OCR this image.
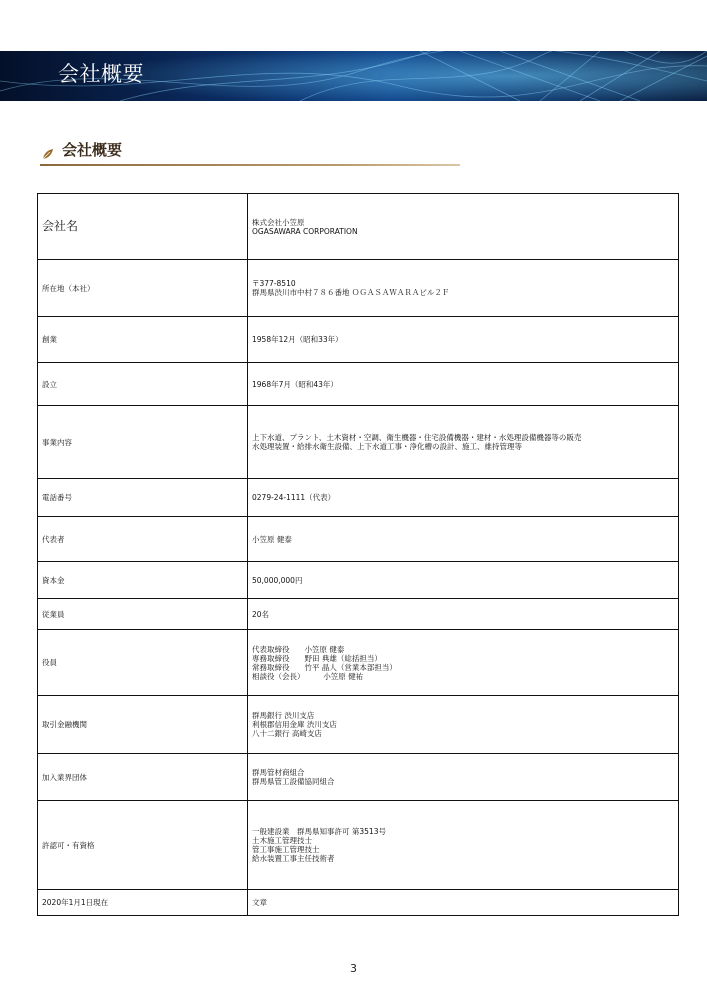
会社概要
会社概要
会社名	株式会社小笠原
OGASAWARA CORPORATION

所在地（本社）	〒377-8510
群馬県渋川市中村７８６番地 ＯＧＡＳＡＷＡＲＡビル２Ｆ

創業	1958年12月（昭和33年）

設立	1968年7月（昭和43年）

事業内容	上下水道、プラント、土木資材・空調、衛生機器・住宅設備機器・建材・水処理設備機器等の販売
水処理装置・給排水衛生設備、上下水道工事・浄化槽の設計、施工、維持管理等

電話番号	0279-24-1111（代表）

代表者	小笠原 健泰

資本金	50,000,000円

従業員	20名

役員	代表取締役　　小笠原 健泰
専務取締役　　野田 典雄（総括担当）
常務取締役　　竹平 晶人（営業本部担当）
相談役（会長）　　　小笠原 健祐

取引金融機関	群馬銀行 渋川支店
利根郡信用金庫 渋川支店
八十二銀行 高崎支店

加入業界団体	群馬管材商組合
群馬県管工設備協同組合

許認可・有資格	一般建設業　群馬県知事許可 第3513号
土木施工管理技士
管工事施工管理技士
給水装置工事主任技術者

2020年1月1日現在	文章
3
